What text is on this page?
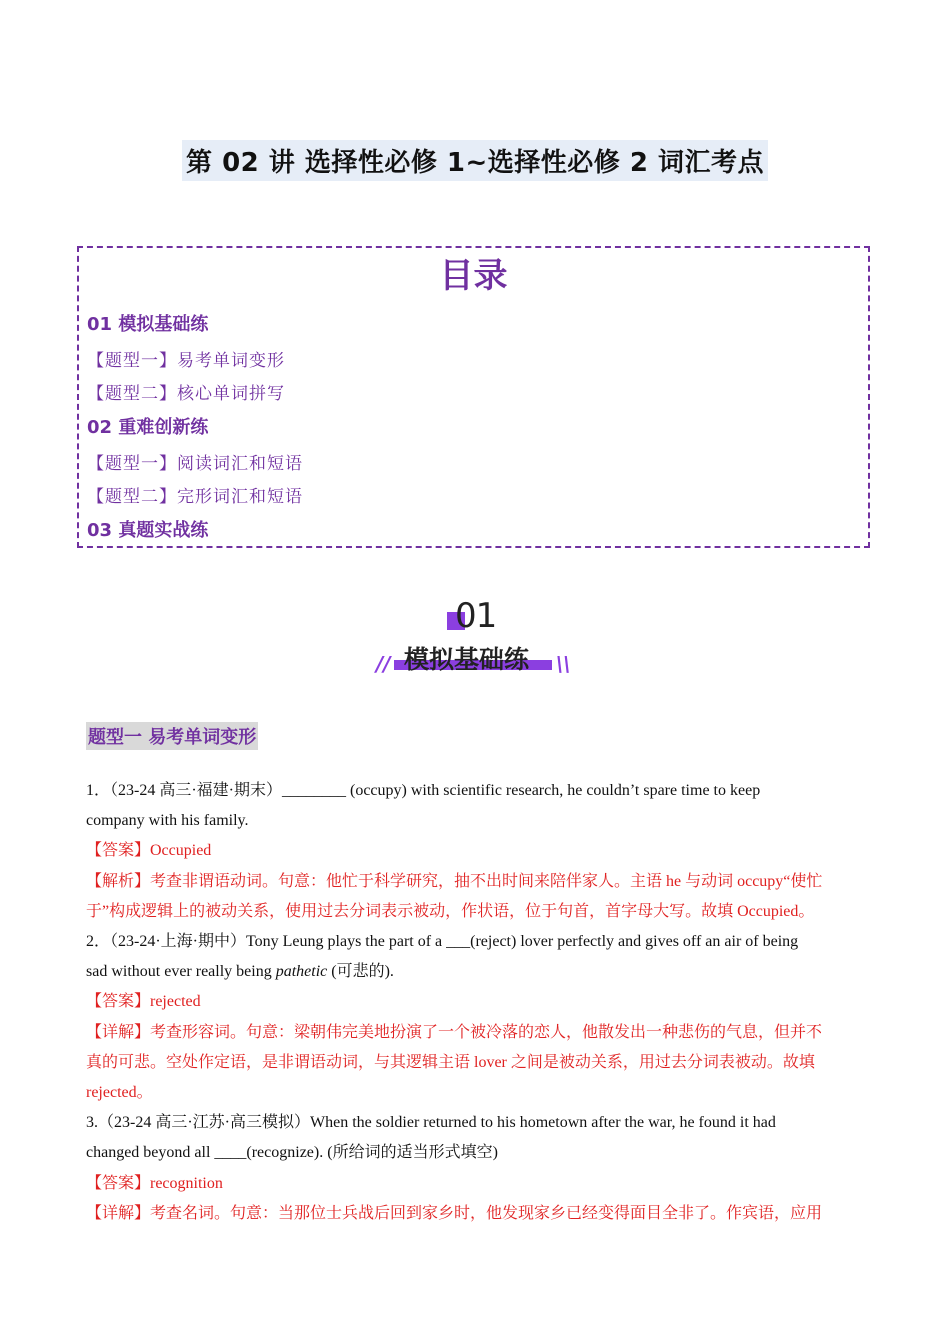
第 02 讲 选择性必修 1~选择性必修 2 词汇考点
目录
01 模拟基础练
【题型一】易考单词变形
【题型二】核心单词拼写
02 重难创新练
【题型一】阅读词汇和短语
【题型二】完形词汇和短语
03 真题实战练
01
// 模拟基础练 \\
题型一 易考单词变形

1．（23-24 高三·福建·期末）________ (occupy) with scientific research, he couldn’t spare time to keep

company with his family.

【答案】Occupied

【解析】考查非谓语动词。句意：他忙于科学研究，抽不出时间来陪伴家人。主语 he 与动词 occupy“使忙

于”构成逻辑上的被动关系，使用过去分词表示被动，作状语，位于句首，首字母大写。故填 Occupied。

2．（23-24·上海·期中）Tony Leung plays the part of a ___(reject) lover perfectly and gives off an air of being

sad without ever really being pathetic (可悲的).

【答案】rejected

【详解】考查形容词。句意：梁朝伟完美地扮演了一个被冷落的恋人，他散发出一种悲伤的气息，但并不

真的可悲。空处作定语，是非谓语动词，与其逻辑主语 lover 之间是被动关系，用过去分词表被动。故填

rejected。

3.（23-24 高三·江苏·高三模拟）When the soldier returned to his hometown after the war, he found it had

changed beyond all ____(recognize). (所给词的适当形式填空)

【答案】recognition

【详解】考查名词。句意：当那位士兵战后回到家乡时，他发现家乡已经变得面目全非了。作宾语，应用
